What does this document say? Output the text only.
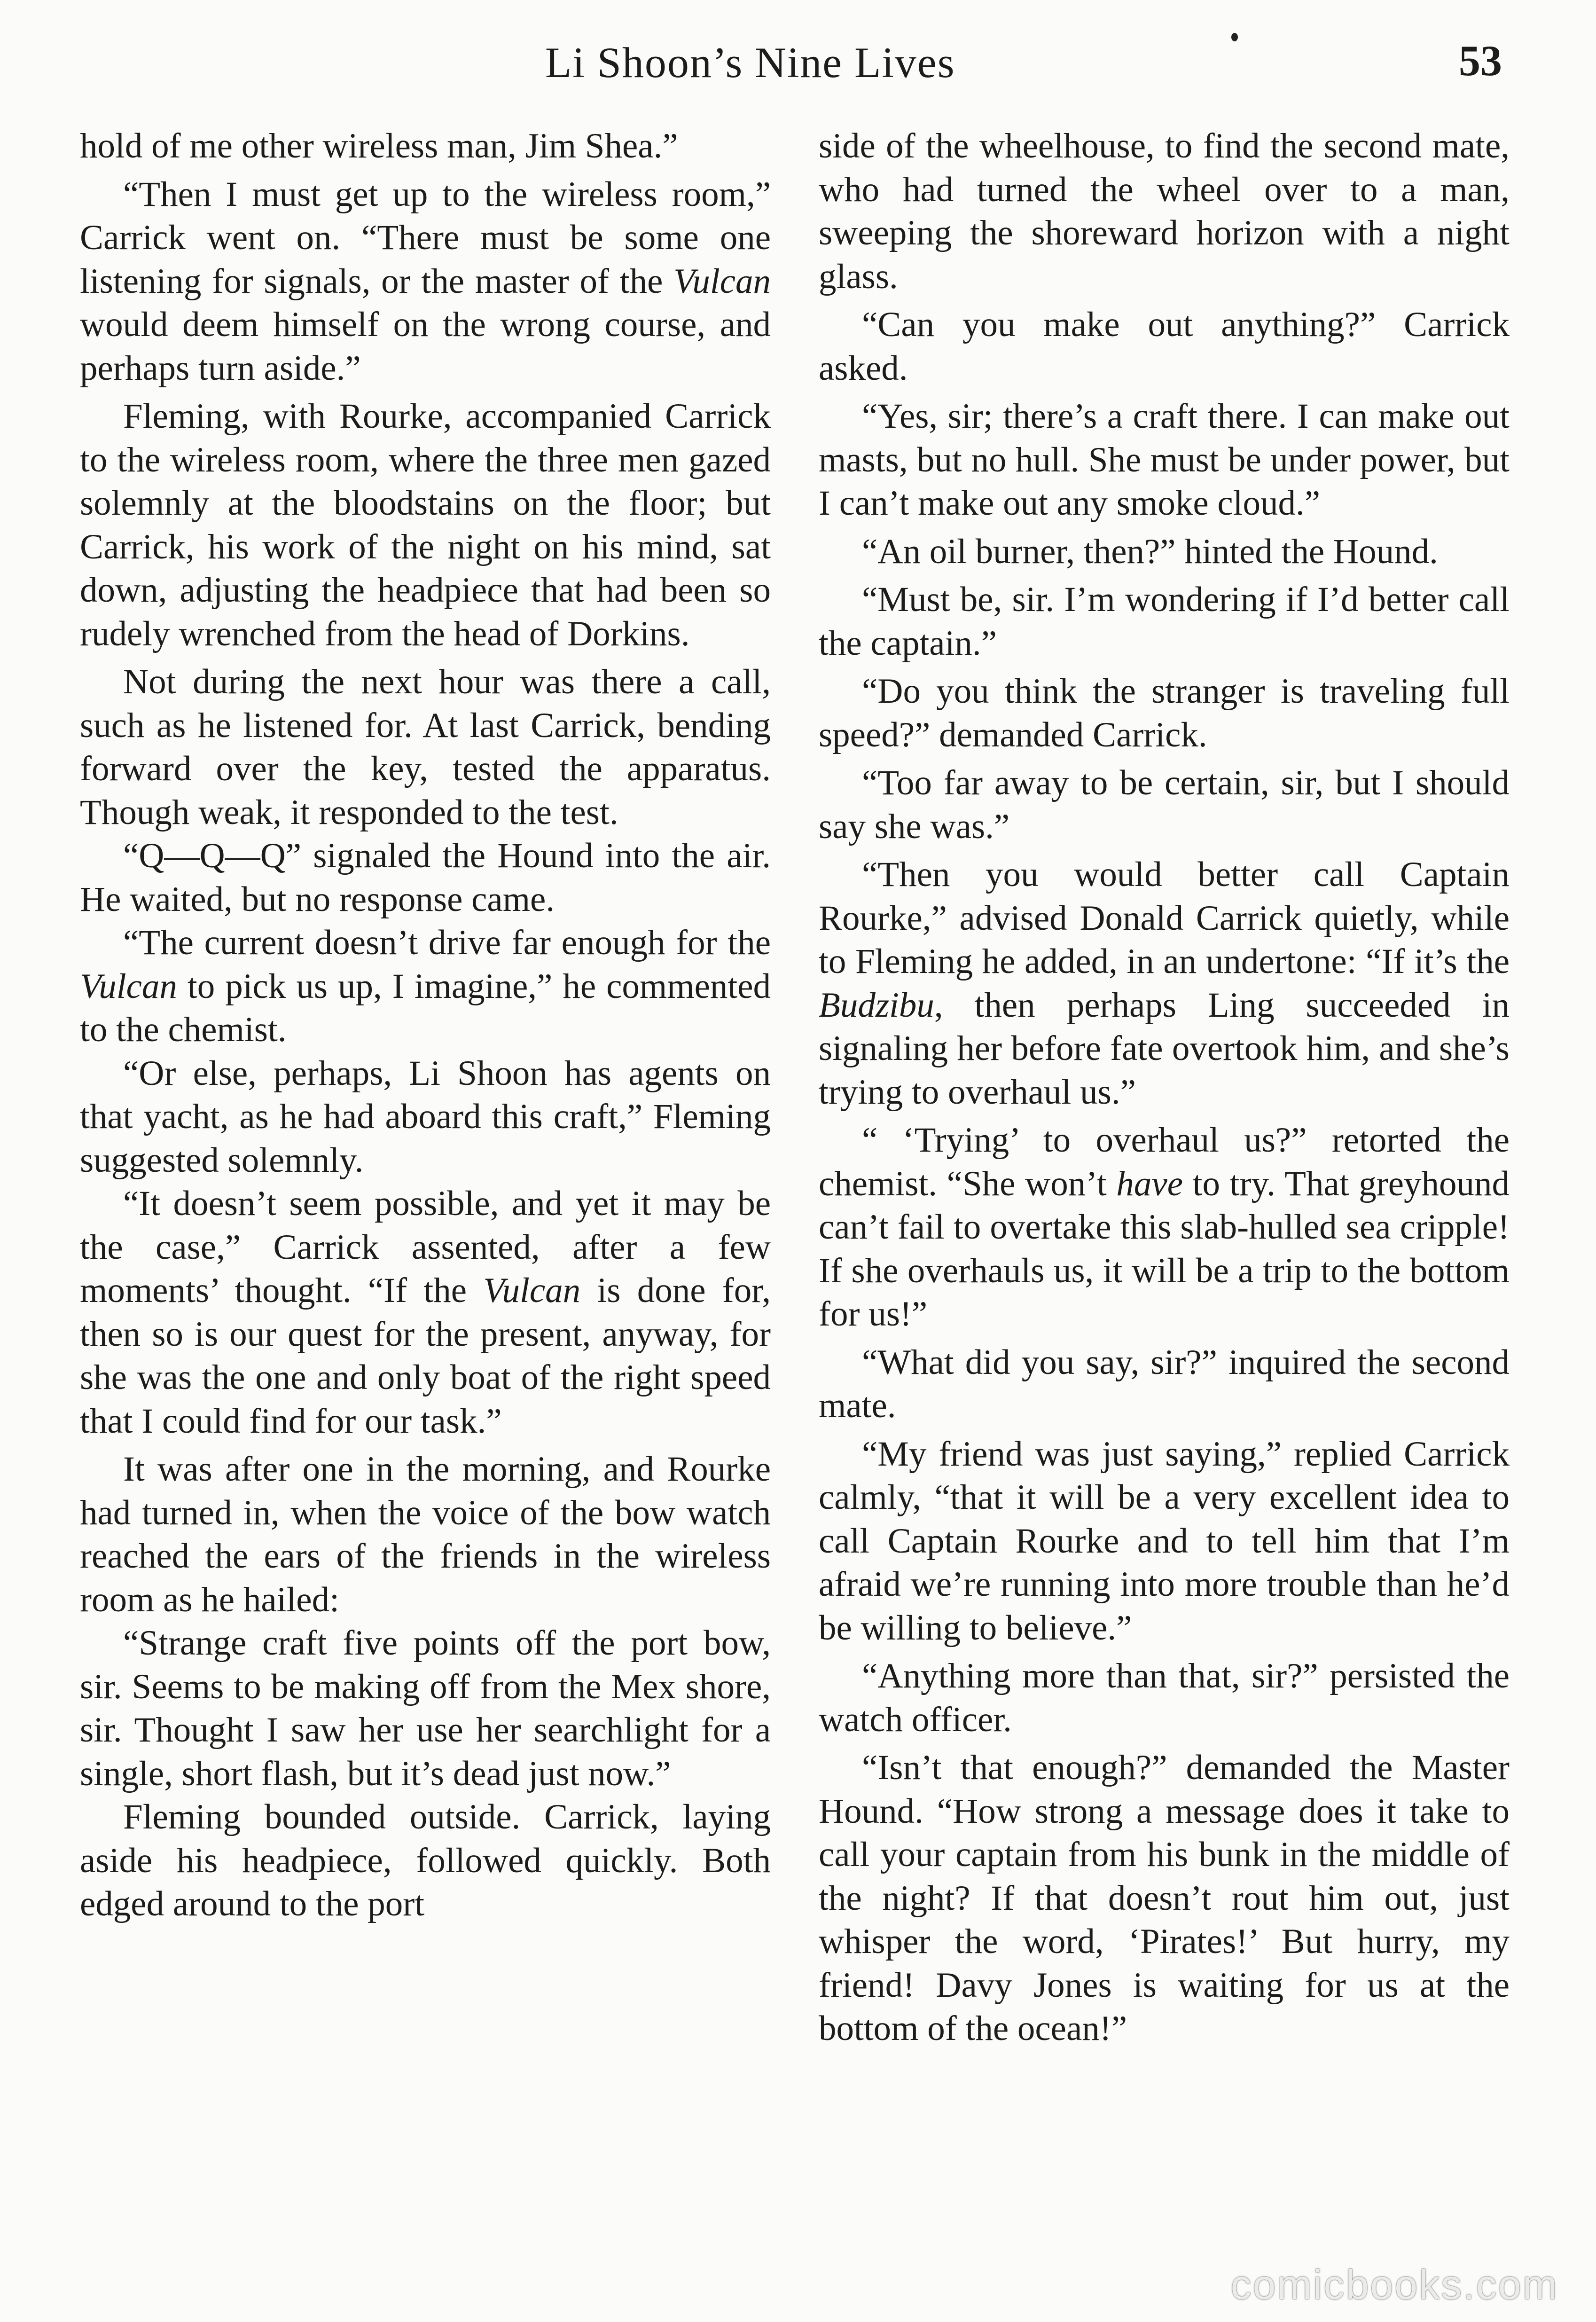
Li Shoon’s Nine Lives	53

hold of me other wireless man, Jim Shea.”

“Then I must get up to the wireless room,” Carrick went on. “There must be some one listening for signals, or the master of the Vulcan would deem himself on the wrong course, and perhaps turn aside.”

Fleming, with Rourke, accompanied Carrick to the wireless room, where the three men gazed solemnly at the bloodstains on the floor; but Carrick, his work of the night on his mind, sat down, adjusting the headpiece that had been so rudely wrenched from the head of Dorkins.

Not during the next hour was there a call, such as he listened for. At last Carrick, bending forward over the key, tested the apparatus. Though weak, it responded to the test.

“Q—Q—Q” signaled the Hound into the air. He waited, but no response came.

“The current doesn’t drive far enough for the Vulcan to pick us up, I imagine,” he commented to the chemist.

“Or else, perhaps, Li Shoon has agents on that yacht, as he had aboard this craft,” Fleming suggested solemnly.

“It doesn’t seem possible, and yet it may be the case,” Carrick assented, after a few moments’ thought. “If the Vulcan is done for, then so is our quest for the present, anyway, for she was the one and only boat of the right speed that I could find for our task.”

It was after one in the morning, and Rourke had turned in, when the voice of the bow watch reached the ears of the friends in the wireless room as he hailed:

“Strange craft five points off the port bow, sir. Seems to be making off from the Mex shore, sir. Thought I saw her use her searchlight for a single, short flash, but it’s dead just now.”

Fleming bounded outside. Carrick, laying aside his headpiece, followed quickly. Both edged around to the port

side of the wheelhouse, to find the second mate, who had turned the wheel over to a man, sweeping the shoreward horizon with a night glass.

“Can you make out anything?” Carrick asked.

“Yes, sir; there’s a craft there. I can make out masts, but no hull. She must be under power, but I can’t make out any smoke cloud.”

“An oil burner, then?” hinted the Hound.

“Must be, sir. I’m wondering if I’d better call the captain.”

“Do you think the stranger is traveling full speed?” demanded Carrick.

“Too far away to be certain, sir, but I should say she was.”

“Then you would better call Captain Rourke,” advised Donald Carrick quietly, while to Fleming he added, in an undertone: “If it’s the Budzibu, then perhaps Ling succeeded in signaling her before fate overtook him, and she’s trying to overhaul us.”

“ ‘Trying’ to overhaul us?” retorted the chemist. “She won’t have to try. That greyhound can’t fail to overtake this slab-hulled sea cripple! If she overhauls us, it will be a trip to the bottom for us!”

“What did you say, sir?” inquired the second mate.

“My friend was just saying,” replied Carrick calmly, “that it will be a very excellent idea to call Captain Rourke and to tell him that I’m afraid we’re running into more trouble than he’d be willing to believe.”

“Anything more than that, sir?” persisted the watch officer.

“Isn’t that enough?” demanded the Master Hound. “How strong a message does it take to call your captain from his bunk in the middle of the night? If that doesn’t rout him out, just whisper the word, ‘Pirates!’ But hurry, my friend! Davy Jones is waiting for us at the bottom of the ocean!”

comicbooks.com
